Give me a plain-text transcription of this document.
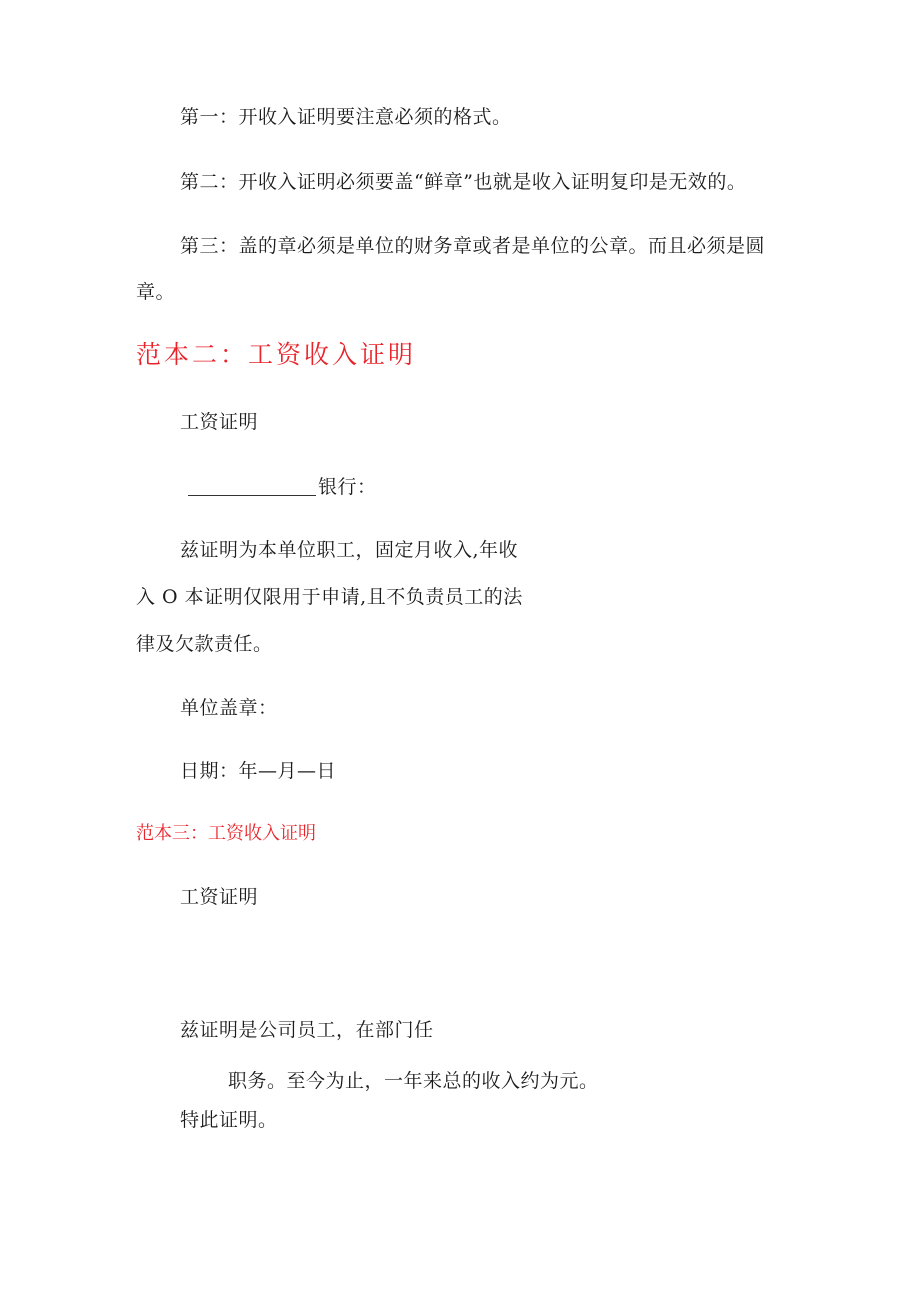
第一：开收入证明要注意必须的格式。
第二：开收入证明必须要盖“鲜章”也就是收入证明复印是无效的。
第三：盖的章必须是单位的财务章或者是单位的公章。而且必须是圆
章。
范本二：工资收入证明
工资证明
银行：
兹证明为本单位职工，固定月收入,年收
入 O 本证明仅限用于申请,且不负责员工的法
律及欠款责任。
单位盖章：
日期：年—月—日
范本三：工资收入证明
工资证明
兹证明是公司员工，在部门任
职务。至今为止，一年来总的收入约为元。
特此证明。
